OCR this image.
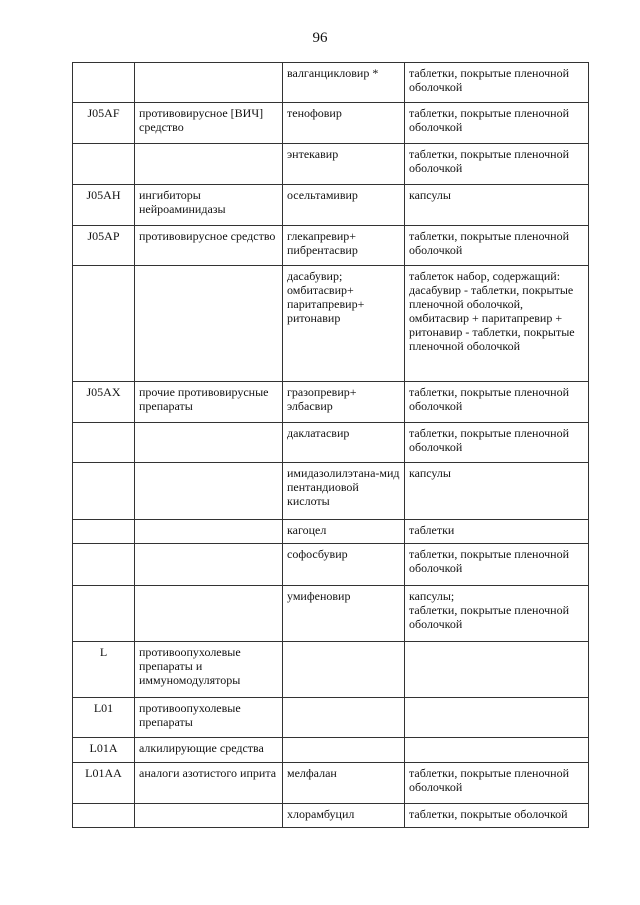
96
		валганцикловир *	таблетки, покрытые пленочной оболочкой
J05AF	противовирусное [ВИЧ] средство	тенофовир	таблетки, покрытые пленочной оболочкой
		энтекавир	таблетки, покрытые пленочной оболочкой
J05AH	ингибиторы нейроаминидазы	осельтамивир	капсулы
J05AP	противовирусное средство	глекапревир+ пибрентасвир	таблетки, покрытые пленочной оболочкой
		дасабувир; омбитасвир+ паритапревир+ ритонавир	таблеток набор, содержащий: дасабувир - таблетки, покрытые пленочной оболочкой, омбитасвир + паритапревир + ритонавир - таблетки, покрытые пленочной оболочкой
J05AX	прочие противовирусные препараты	гразопревир+ элбасвир	таблетки, покрытые пленочной оболочкой
		даклатасвир	таблетки, покрытые пленочной оболочкой
		имидазолилэтана-мид пентандиовой кислоты	капсулы
		кагоцел	таблетки
		софосбувир	таблетки, покрытые пленочной оболочкой
		умифеновир	капсулы;
таблетки, покрытые пленочной оболочкой
L	противоопухолевые препараты и иммуномодуляторы		
L01	противоопухолевые препараты		
L01A	алкилирующие средства		
L01AA	аналоги азотистого иприта	мелфалан	таблетки, покрытые пленочной оболочкой
		хлорамбуцил	таблетки, покрытые оболочкой
